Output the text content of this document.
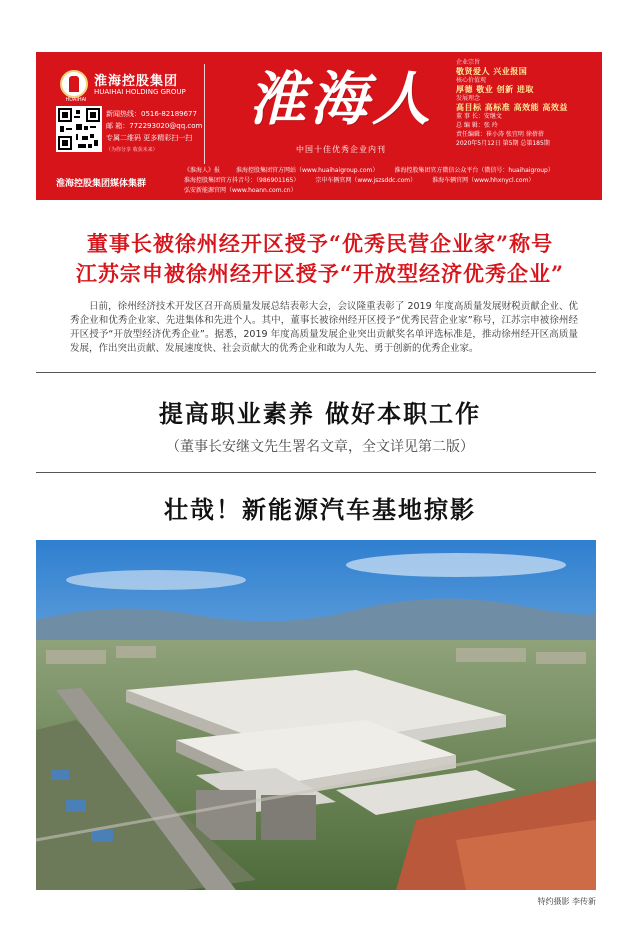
淮海控股集团
HUAIHAI HOLDING GROUP
HUAIHAI
新闻热线：0516-82189677
邮 箱：772293020@qq.com
专属二维码 更多精彩扫一扫
（为你分享 收获未来）
淮海控股集团媒体集群
淮海人
中国十佳优秀企业内刊
企业宗旨
敬贤爱人 兴业报国
核心价值观
厚德 敬业 创新 进取
发展理念
高目标 高标准 高效能 高效益
董 事 长：安继文
总 编 辑：张 玲
责任编辑：崔小涛 张宜明 徐蓓蓓
2020年5月12日 第5期 总第185期
《淮海人》报	淮海控股集团官方网站（www.huaihaigroup.com）	淮海控股集团官方微信公众平台（微信号：huaihaigroup）
淮海控股集团官方抖音号：（986901165）	宗申车辆官网（www.jszsddc.com）	淮海车辆官网（www.hhxnycl.com）
弘安新能源官网（www.hoann.com.cn）
董事长被徐州经开区授予“优秀民营企业家”称号
江苏宗申被徐州经开区授予“开放型经济优秀企业”
日前，徐州经济技术开发区召开高质量发展总结表彰大会，会议隆重表彰了 2019 年度高质量发展财税贡献企业、优秀企业和优秀企业家、先进集体和先进个人。其中，董事长被徐州经开区授予“优秀民营企业家”称号，江苏宗申被徐州经开区授予“开放型经济优秀企业”。据悉，2019 年度高质量发展企业突出贡献奖名单评选标准是，推动徐州经开区高质量发展，作出突出贡献、发展速度快、社会贡献大的优秀企业和敢为人先、勇于创新的优秀企业家。
提高职业素养 做好本职工作
（董事长安继文先生署名文章，全文详见第二版）
壮哉！新能源汽车基地掠影
特约摄影 李传新
